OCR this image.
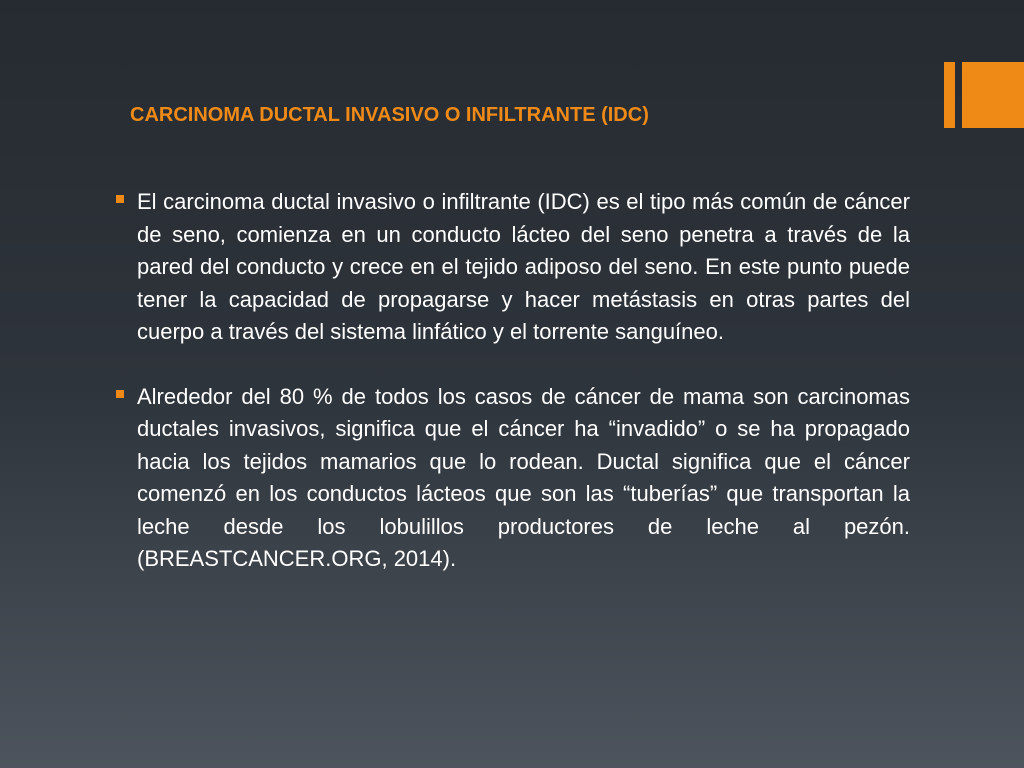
CARCINOMA DUCTAL INVASIVO O INFILTRANTE (IDC)

El carcinoma ductal invasivo o infiltrante (IDC) es el tipo más común de cáncer de seno, comienza en un conducto lácteo del seno penetra a través de la pared del conducto y crece en el tejido adiposo del seno. En este punto puede tener la capacidad de propagarse y hacer metástasis en otras partes del cuerpo a través del sistema linfático y el torrente sanguíneo.

Alrededor del 80 % de todos los casos de cáncer de mama son carcinomas ductales invasivos, significa que el cáncer ha “invadido” o se ha propagado hacia los tejidos mamarios que lo rodean. Ductal significa que el cáncer comenzó en los conductos lácteos que son las “tuberías” que transportan la leche desde los lobulillos productores de leche al pezón. (BREASTCANCER.ORG, 2014).
